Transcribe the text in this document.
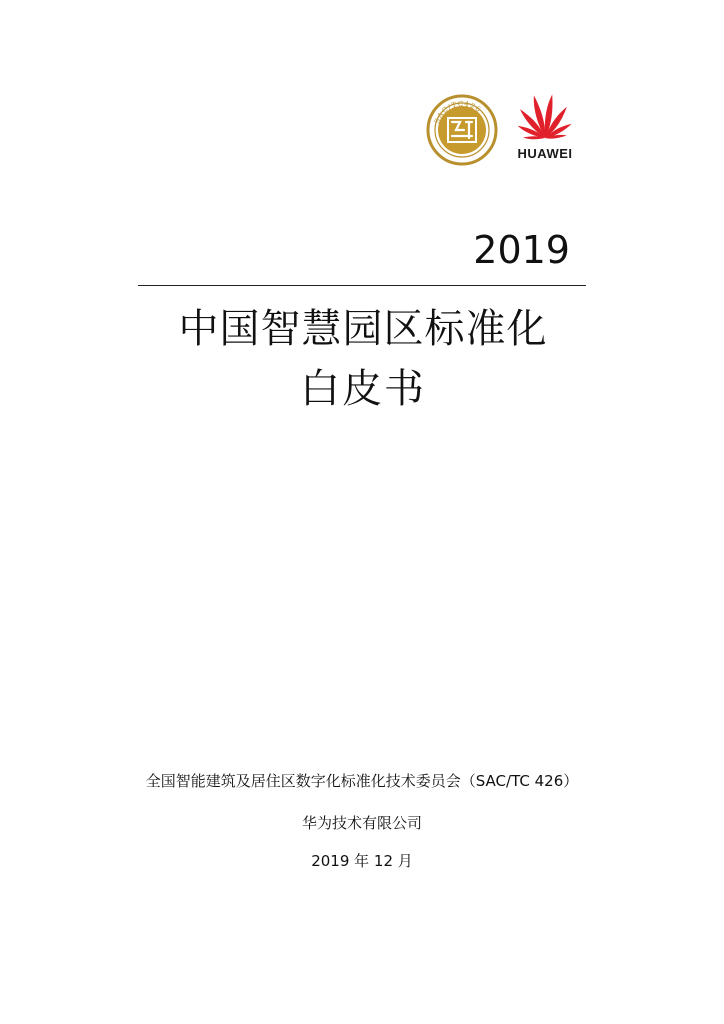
SAC/TC426
HUAWEI
2019
中国智慧园区标准化
白皮书
全国智能建筑及居住区数字化标准化技术委员会（SAC/TC 426）
华为技术有限公司
2019 年 12 月
